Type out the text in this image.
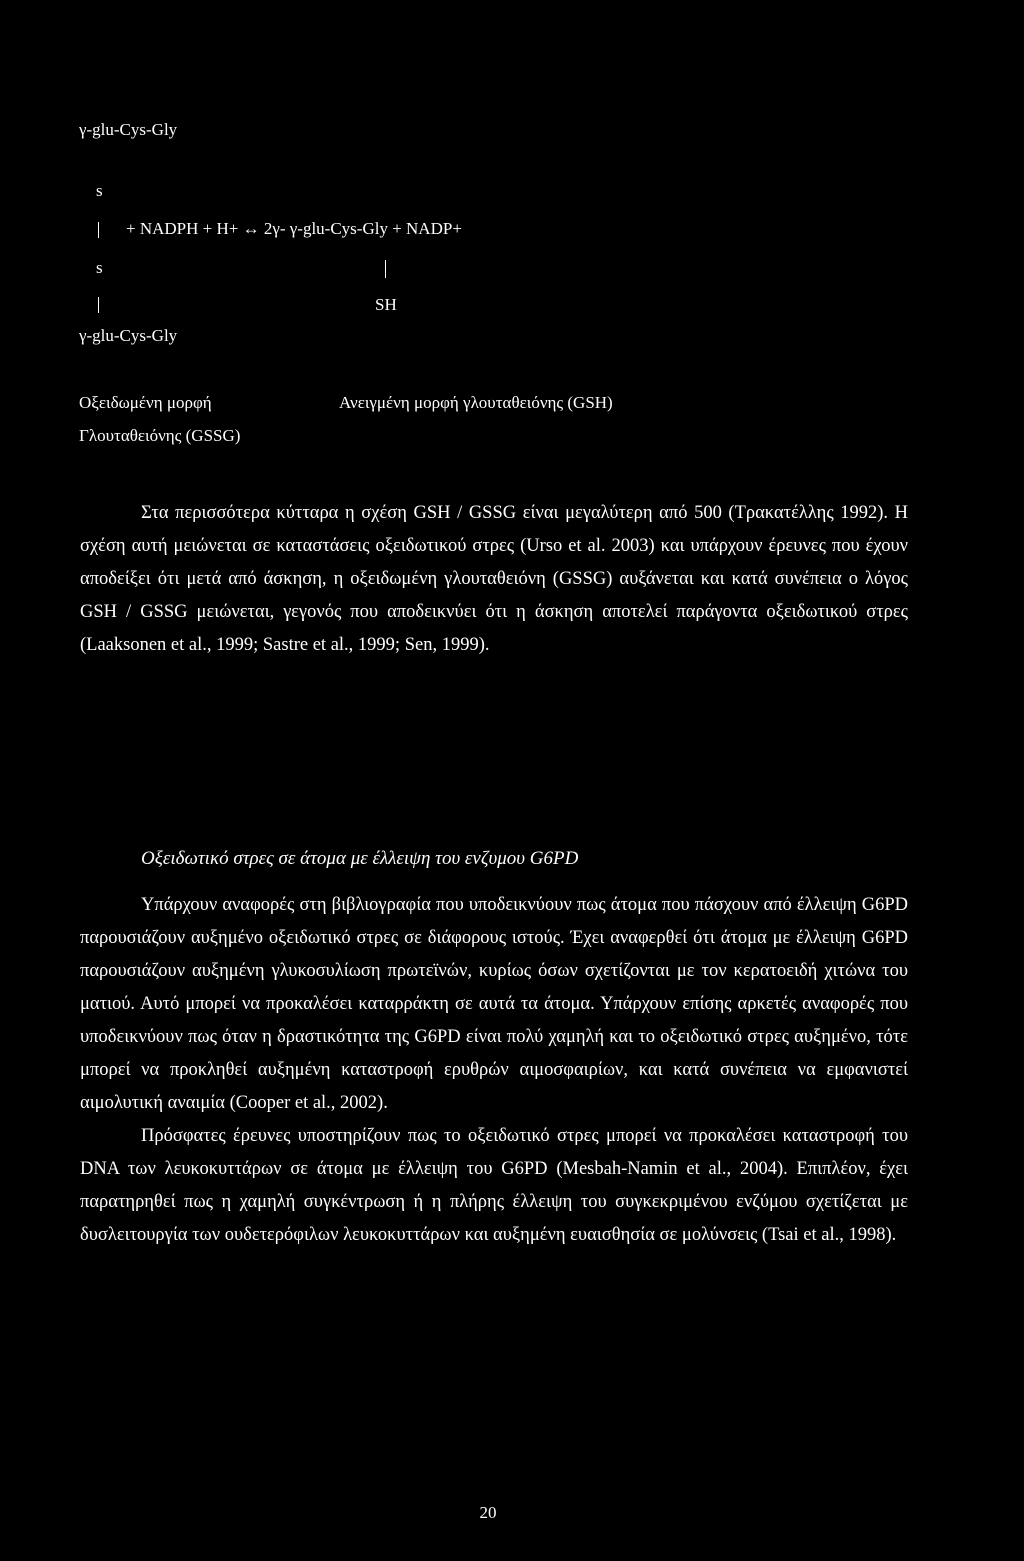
γ-glu-Cys-Gly
s
+ NADPH + H+ ↔ 2γ- γ-glu-Cys-Gly + NADP+
s
SH
γ-glu-Cys-Gly
Οξειδωμένη μορφή
Γλουταθειόνης (GSSG)
Ανειγμένη μορφή γλουταθειόνης (GSH)

Στα περισσότερα κύτταρα η σχέση GSH / GSSG είναι μεγαλύτερη από 500 (Τρακατέλλης 1992). Η σχέση αυτή μειώνεται σε καταστάσεις οξειδωτικού στρες (Urso et al. 2003) και υπάρχουν έρευνες που έχουν αποδείξει ότι μετά από άσκηση, η οξειδωμένη γλουταθειόνη (GSSG) αυξάνεται και κατά συνέπεια ο λόγος GSH / GSSG μειώνεται, γεγονός που αποδεικνύει ότι η άσκηση αποτελεί παράγοντα οξειδωτικού στρες (Laaksonen et al., 1999; Sastre et al., 1999; Sen, 1999).

Οξειδωτικό στρες σε άτομα με έλλειψη του ενζυμου G6PD

Υπάρχουν αναφορές στη βιβλιογραφία που υποδεικνύουν πως άτομα που πάσχουν από έλλειψη G6PD παρουσιάζουν αυξημένο οξειδωτικό στρες σε διάφορους ιστούς. Έχει αναφερθεί ότι άτομα με έλλειψη G6PD παρουσιάζουν αυξημένη γλυκοσυλίωση πρωτεϊνών, κυρίως όσων σχετίζονται με τον κερατοειδή χιτώνα του ματιού. Αυτό μπορεί να προκαλέσει καταρράκτη σε αυτά τα άτομα. Υπάρχουν επίσης αρκετές αναφορές που υποδεικνύουν πως όταν η δραστικότητα της G6PD είναι πολύ χαμηλή και το οξειδωτικό στρες αυξημένο, τότε μπορεί να προκληθεί αυξημένη καταστροφή ερυθρών αιμοσφαιρίων, και κατά συνέπεια να εμφανιστεί αιμολυτική αναιμία (Cooper et al., 2002).

Πρόσφατες έρευνες υποστηρίζουν πως το οξειδωτικό στρες μπορεί να προκαλέσει καταστροφή του DNA των λευκοκυττάρων σε άτομα με έλλειψη του G6PD (Mesbah-Namin et al., 2004). Επιπλέον, έχει παρατηρηθεί πως η χαμηλή συγκέντρωση ή η πλήρης έλλειψη του συγκεκριμένου ενζύμου σχετίζεται με δυσλειτουργία των ουδετερόφιλων λευκοκυττάρων και αυξημένη ευαισθησία σε μολύνσεις (Tsai et al., 1998).

20
